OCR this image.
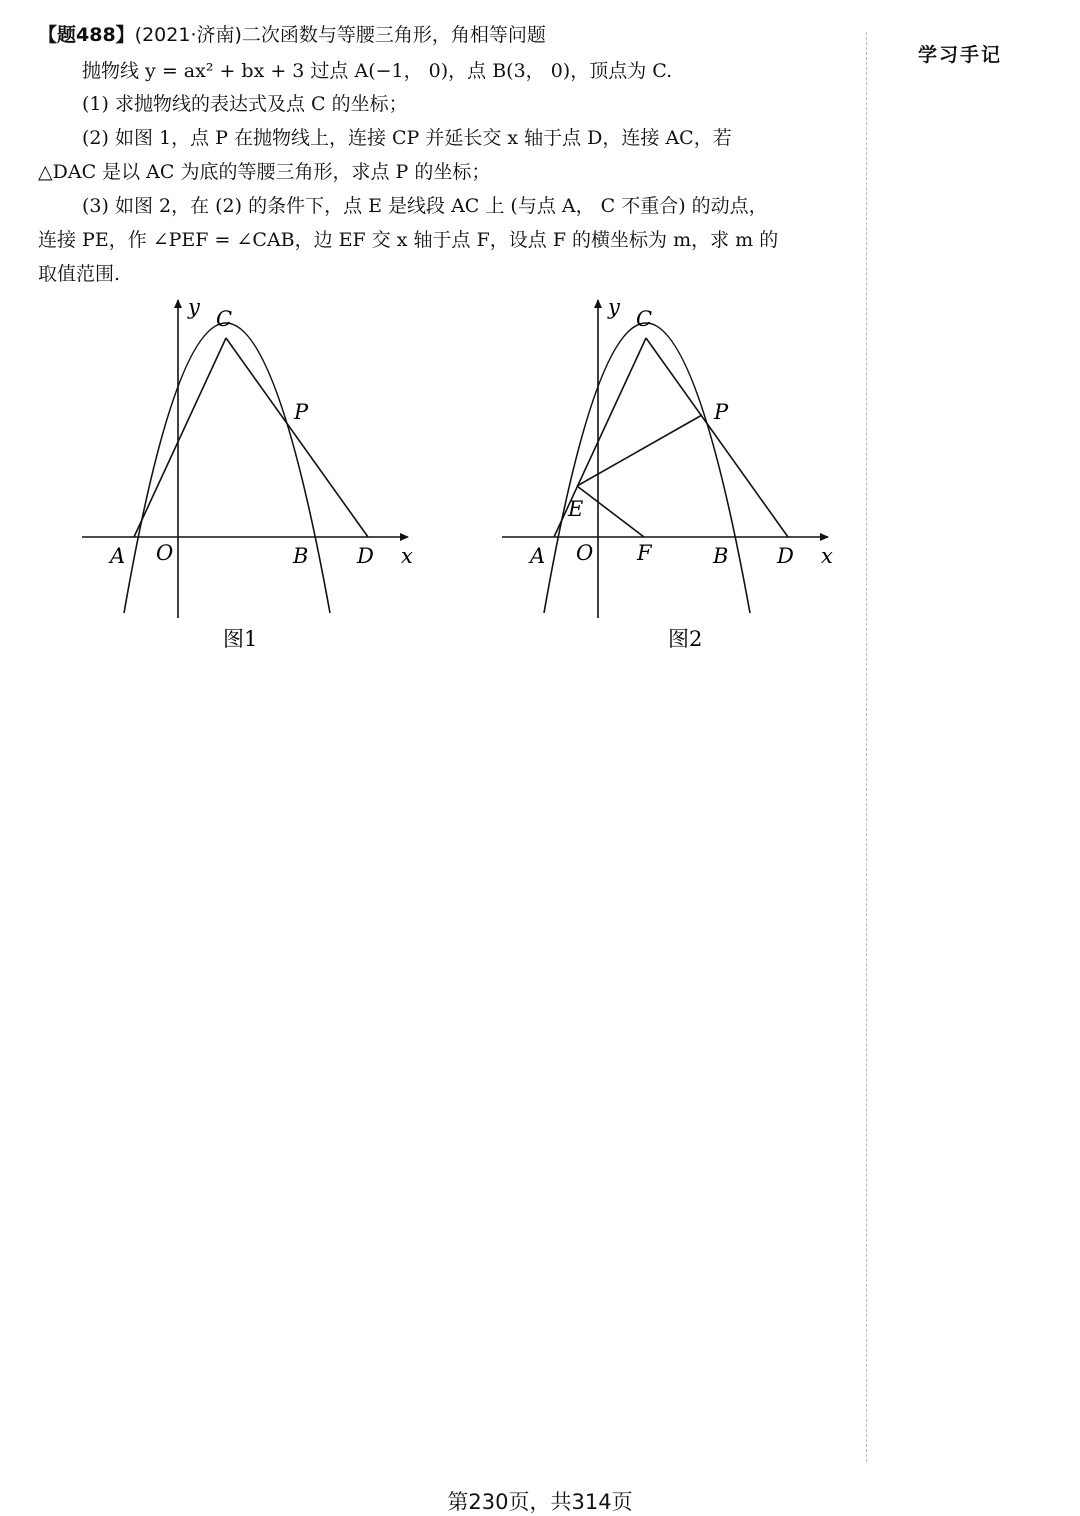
【题488】(2021·济南)二次函数与等腰三角形，角相等问题
抛物线 y = ax² + bx + 3 过点 A(−1， 0)，点 B(3， 0)，顶点为 C.
(1) 求抛物线的表达式及点 C 的坐标；
(2) 如图 1，点 P 在抛物线上，连接 CP 并延长交 x 轴于点 D，连接 AC，若
△DAC 是以 AC 为底的等腰三角形，求点 P 的坐标；
(3) 如图 2，在 (2) 的条件下，点 E 是线段 AC 上 (与点 A， C 不重合) 的动点，
连接 PE，作 ∠PEF = ∠CAB，边 EF 交 x 轴于点 F，设点 F 的横坐标为 m，求 m 的
取值范围.
学习手记
y C
P
A O	B D x
图1
y C
P
E
A O F	B D x
图2
第230页，共314页
